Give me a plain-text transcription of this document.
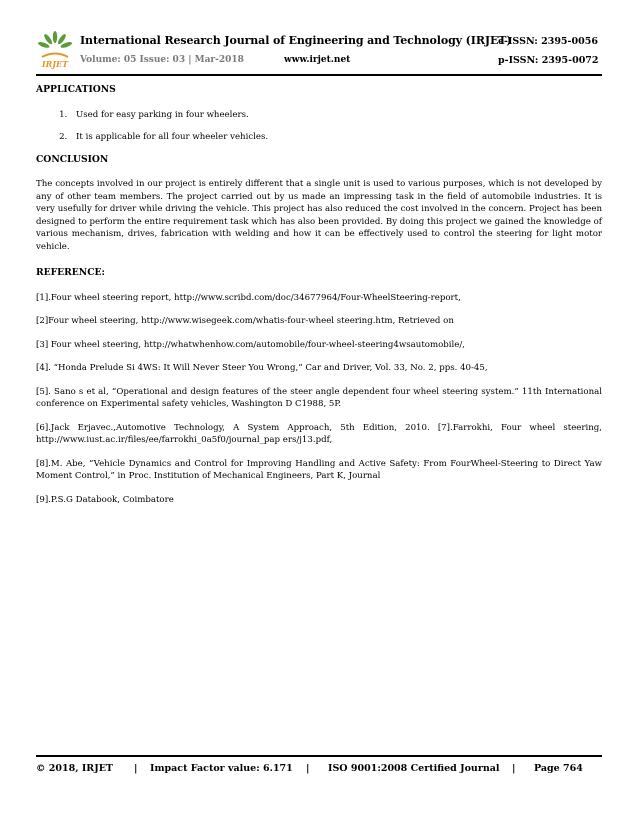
IRJET
International Research Journal of Engineering and Technology (IRJET)
e-ISSN: 2395-0056
Volume: 05 Issue: 03 | Mar-2018	www.irjet.net	p-ISSN: 2395-0072
APPLICATIONS
1. Used for easy parking in four wheelers.
2. It is applicable for all four wheeler vehicles.
CONCLUSION

The concepts involved in our project is entirely different that a single unit is used to various purposes, which is not developed by any of other team members. The project carried out by us made an impressing task in the field of automobile industries. It is very usefully for driver while driving the vehicle. This project has also reduced the cost involved in the concern. Project has been designed to perform the entire requirement task which has also been provided. By doing this project we gained the knowledge of various mechanism, drives, fabrication with welding and how it can be effectively used to control the steering for light motor vehicle.

REFERENCE:

[1].Four wheel steering report, http://www.scribd.com/doc/34677964/Four-WheelSteering-report,

[2]Four wheel steering, http://www.wisegeek.com/whatis-four-wheel steering.htm, Retrieved on

[3] Four wheel steering, http://whatwhenhow.com/automobile/four-wheel-steering4wsautomobile/,

[4]. “Honda Prelude Si 4WS: It Will Never Steer You Wrong,” Car and Driver, Vol. 33, No. 2, pps. 40-45,

[5]. Sano s et al, “Operational and design features of the steer angle dependent four wheel steering system.” 11th International conference on Experimental safety vehicles, Washington D C1988, 5P.

[6].Jack Erjavec.,Automotive Technology, A System Approach, 5th Edition, 2010. [7].Farrokhi, Four wheel steering, http://www.iust.ac.ir/files/ee/farrokhi_0a5f0/journal_pap ers/j13.pdf,

[8].M. Abe, “Vehicle Dynamics and Control for Improving Handling and Active Safety: From FourWheel-Steering to Direct Yaw Moment Control,” in Proc. Institution of Mechanical Engineers, Part K, Journal

[9].P.S.G Databook, Coimbatore

© 2018, IRJET | Impact Factor value: 6.171 | ISO 9001:2008 Certified Journal | Page 764
